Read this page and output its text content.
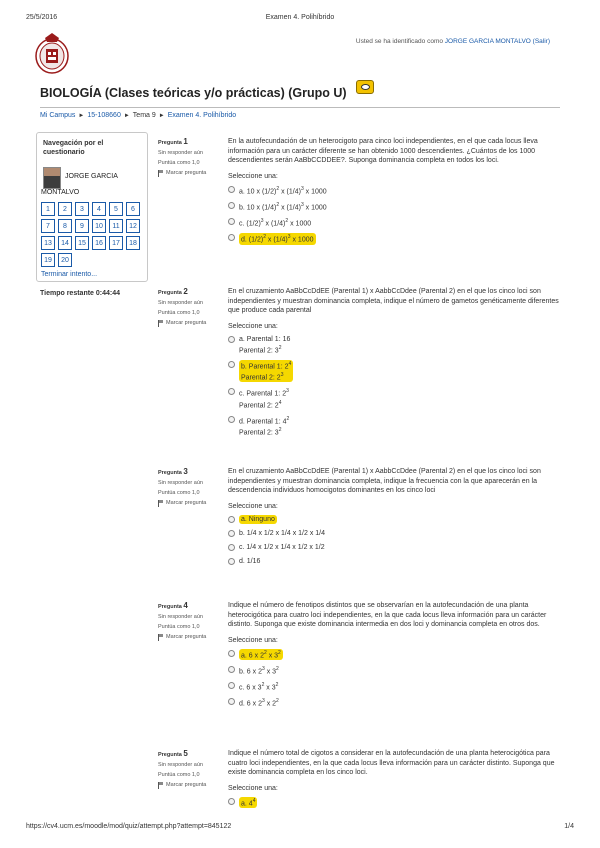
25/5/2016	Examen 4. Polihíbrido
Usted se ha identificado como JORGE GARCIA MONTALVO (Salir)
BIOLOGÍA (Clases teóricas y/o prácticas) (Grupo U)
Mi Campus ► 15-108660 ► Tema 9 ► Examen 4. Polihíbrido
Navegación por el cuestionario
JORGE GARCIA
MONTALVO
1	2	3	4	5	6
7	8	9	10	11	12
13	14	15	16	17	18
19	20
Terminar intento...
Tiempo restante 0:44:44
Pregunta 1
Sin responder aún
Puntúa como 1,0
Marcar pregunta
En la autofecundación de un heterocigoto para cinco loci independientes, en el que cada locus lleva información para un carácter diferente se han obtenido 1000 descendientes. ¿Cuántos de los 1000 descendientes serán AaBbCCDDEE?. Suponga dominancia completa en todos los loci.
Seleccione una:
a. 10 x $(1/2)^2$ x $(1/4)^3$ x 1000
b. 10 x $(1/4)^2$ x $(1/4)^3$ x 1000
c. $(1/2)^3$ x $(1/4)^2$ x 1000
d. $(1/2)^2$ x $(1/4)^3$ x 1000
Pregunta 2
Sin responder aún
Puntúa como 1,0
Marcar pregunta
En el cruzamiento AaBbCcDdEE (Parental 1) x AabbCcDdee (Parental 2) en el que los cinco loci son independientes y muestran dominancia completa, indique el número de gametos genéticamente diferentes que produce cada parental
Seleccione una:
a. Parental 1: 16
Parental 2: $3^2$
b. Parental 1: $2^4$
Parental 2: $2^3$
c. Parental 1: $2^3$
Parental 2: $2^4$
d. Parental 1: $4^2$
Parental 2: $3^2$
Pregunta 3
Sin responder aún
Puntúa como 1,0
Marcar pregunta
En el cruzamiento AaBbCcDdEE (Parental 1) x AabbCcDdee (Parental 2) en el que los cinco loci son independientes y muestran dominancia completa, indique la frecuencia con la que aparecerán en la descendencia individuos homocigotos dominantes en los cinco loci
Seleccione una:
a. Ninguno
b. 1/4 x 1/2 x 1/4 x 1/2 x 1/4
c. 1/4 x 1/2 x 1/4 x 1/2 x 1/2
d. 1/16
Pregunta 4
Sin responder aún
Puntúa como 1,0
Marcar pregunta
Indique el número de fenotipos distintos que se observarían en la autofecundación de una planta heterocigótica para cuatro loci independientes, en la que cada locus lleva información para un carácter distinto. Suponga que existe dominancia intermedia en dos loci y dominancia completa en otros dos.
Seleccione una:
a. 6 x $2^2$ x $3^2$
b. 6 x $2^3$ x $3^2$
c. 6 x $3^2$ x $3^2$
d. 6 x $2^3$ x $2^2$
Pregunta 5
Sin responder aún
Puntúa como 1,0
Marcar pregunta
Indique el número total de cigotos a considerar en la autofecundación de una planta heterocigótica para cuatro loci independientes, en la que cada locus lleva información para un carácter distinto. Suponga que existe dominancia completa en los cinco loci.
Seleccione una:
a. $4^4$
https://cv4.ucm.es/moodle/mod/quiz/attempt.php?attempt=845122	1/4
